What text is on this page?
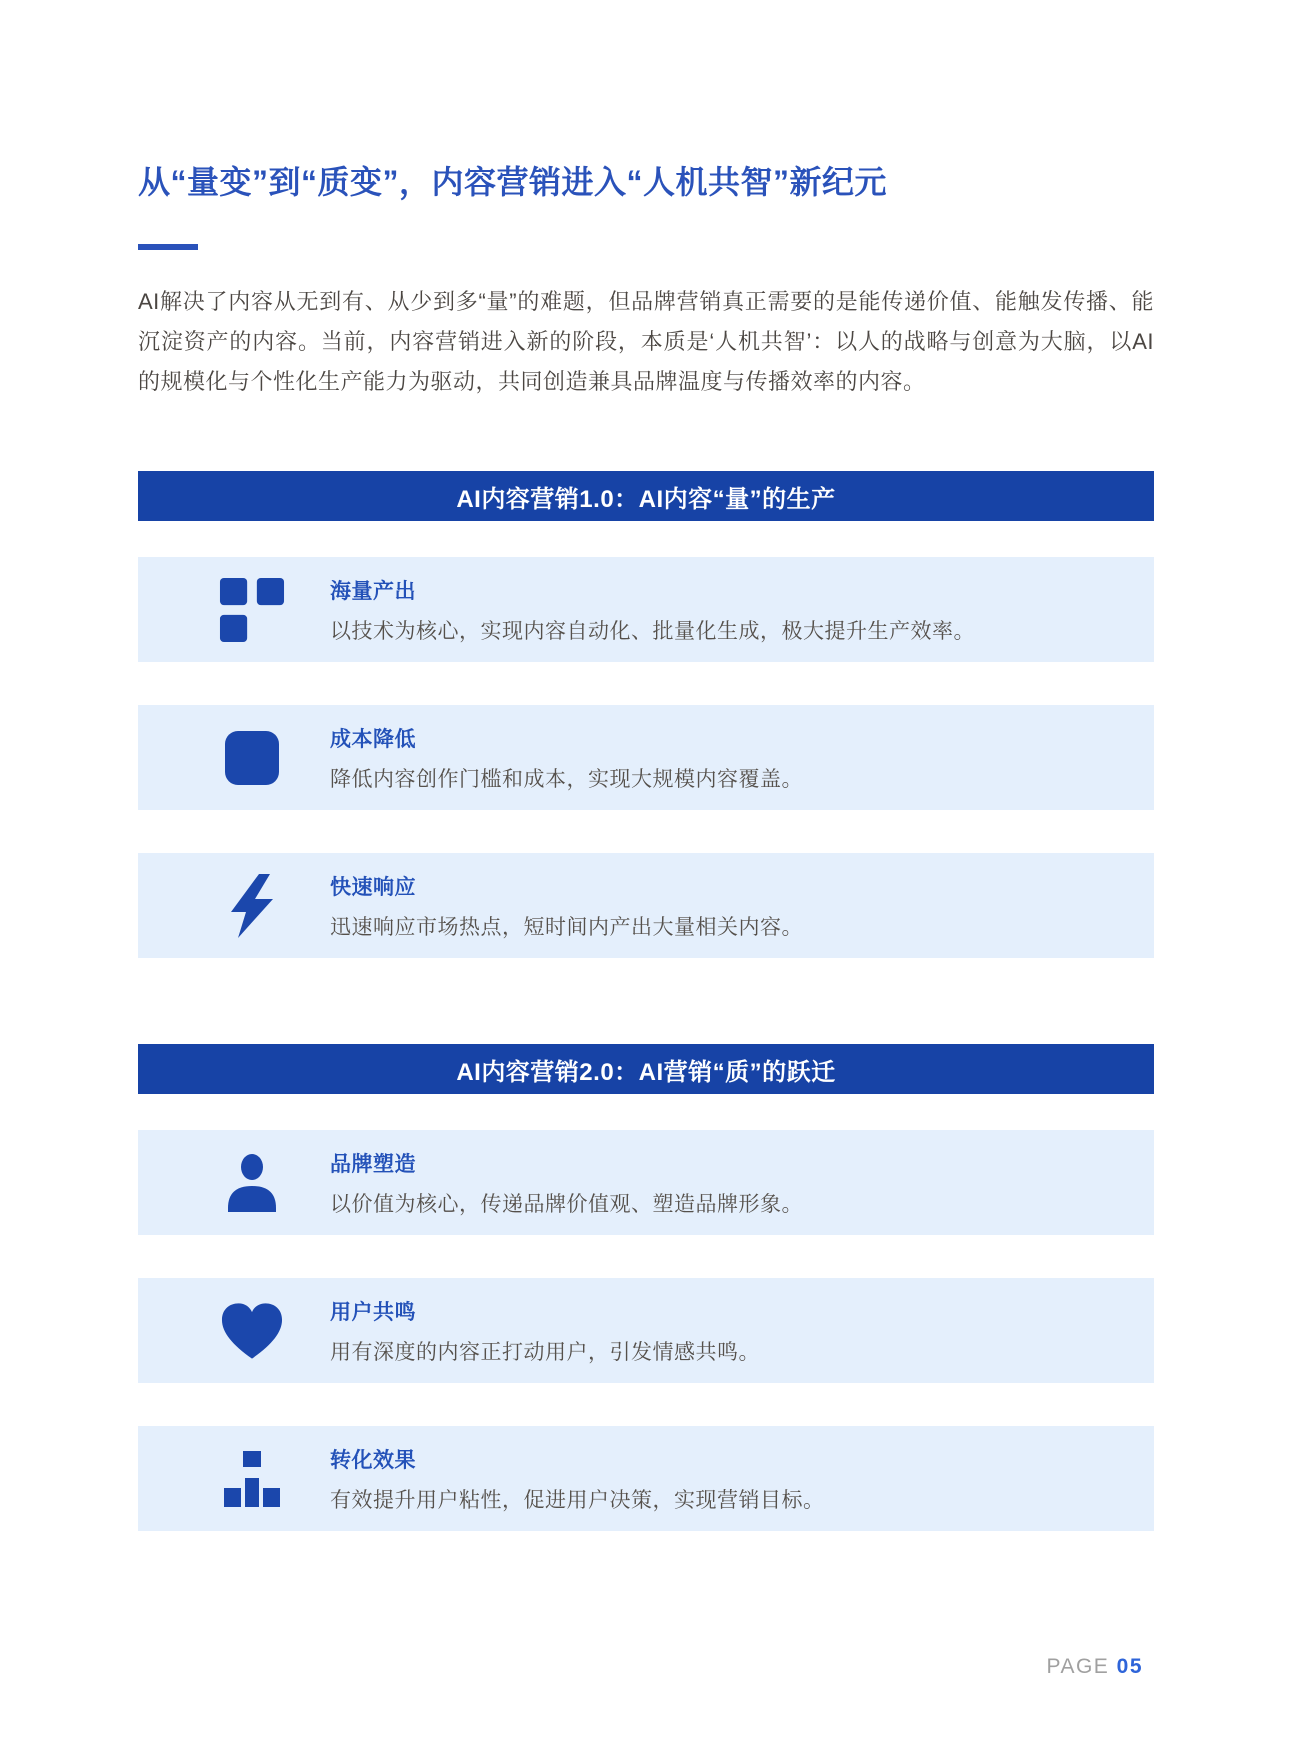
从“量变”到“质变”，内容营销进入“人机共智”新纪元

AI解决了内容从无到有、从少到多“量”的难题，但品牌营销真正需要的是能传递价值、能触发传播、能沉淀资产的内容。当前，内容营销进入新的阶段，本质是‘人机共智’：以人的战略与创意为大脑，以AI的规模化与个性化生产能力为驱动，共同创造兼具品牌温度与传播效率的内容。

AI内容营销1.0：AI内容“量”的生产
海量产出
以技术为核心，实现内容自动化、批量化生成，极大提升生产效率。
成本降低
降低内容创作门槛和成本，实现大规模内容覆盖。
快速响应
迅速响应市场热点，短时间内产出大量相关内容。
AI内容营销2.0：AI营销“质”的跃迁
品牌塑造
以价值为核心，传递品牌价值观、塑造品牌形象。
用户共鸣
用有深度的内容正打动用户，引发情感共鸣。
转化效果
有效提升用户粘性，促进用户决策，实现营销目标。
PAGE 05
